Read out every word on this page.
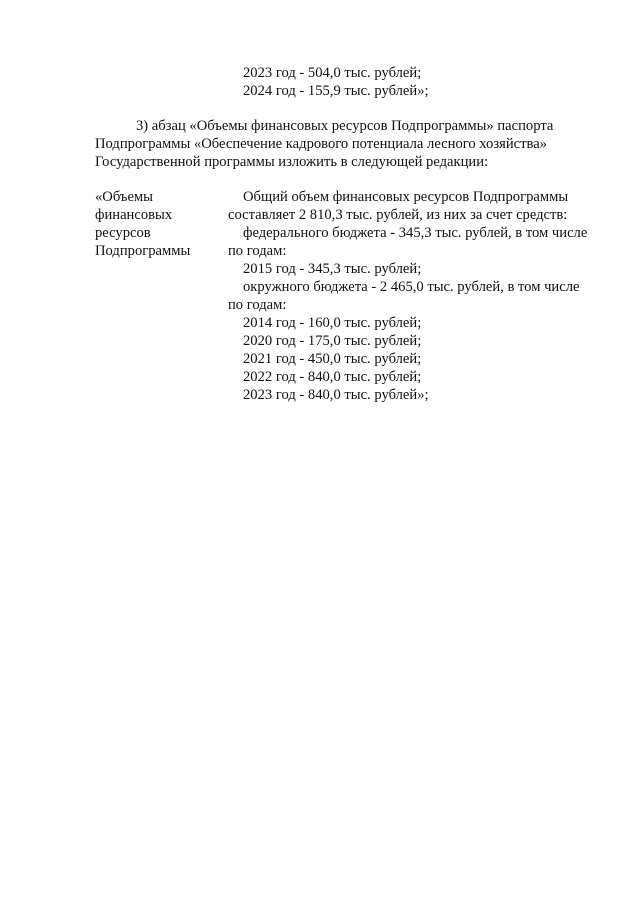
2023 год - 504,0 тыс. рублей;
2024 год - 155,9 тыс. рублей»;
3) абзац «Объемы финансовых ресурсов Подпрограммы» паспорта
Подпрограммы «Обеспечение кадрового потенциала лесного хозяйства»
Государственной программы изложить в следующей редакции:
«Объемы
финансовых
ресурсов
Подпрограммы
Общий объем финансовых ресурсов Подпрограммы
составляет 2 810,3 тыс. рублей, из них за счет средств:
федерального бюджета - 345,3 тыс. рублей, в том числе
по годам:
2015 год - 345,3 тыс. рублей;
окружного бюджета - 2 465,0 тыс. рублей, в том числе
по годам:
2014 год - 160,0 тыс. рублей;
2020 год - 175,0 тыс. рублей;
2021 год - 450,0 тыс. рублей;
2022 год - 840,0 тыс. рублей;
2023 год - 840,0 тыс. рублей»;
